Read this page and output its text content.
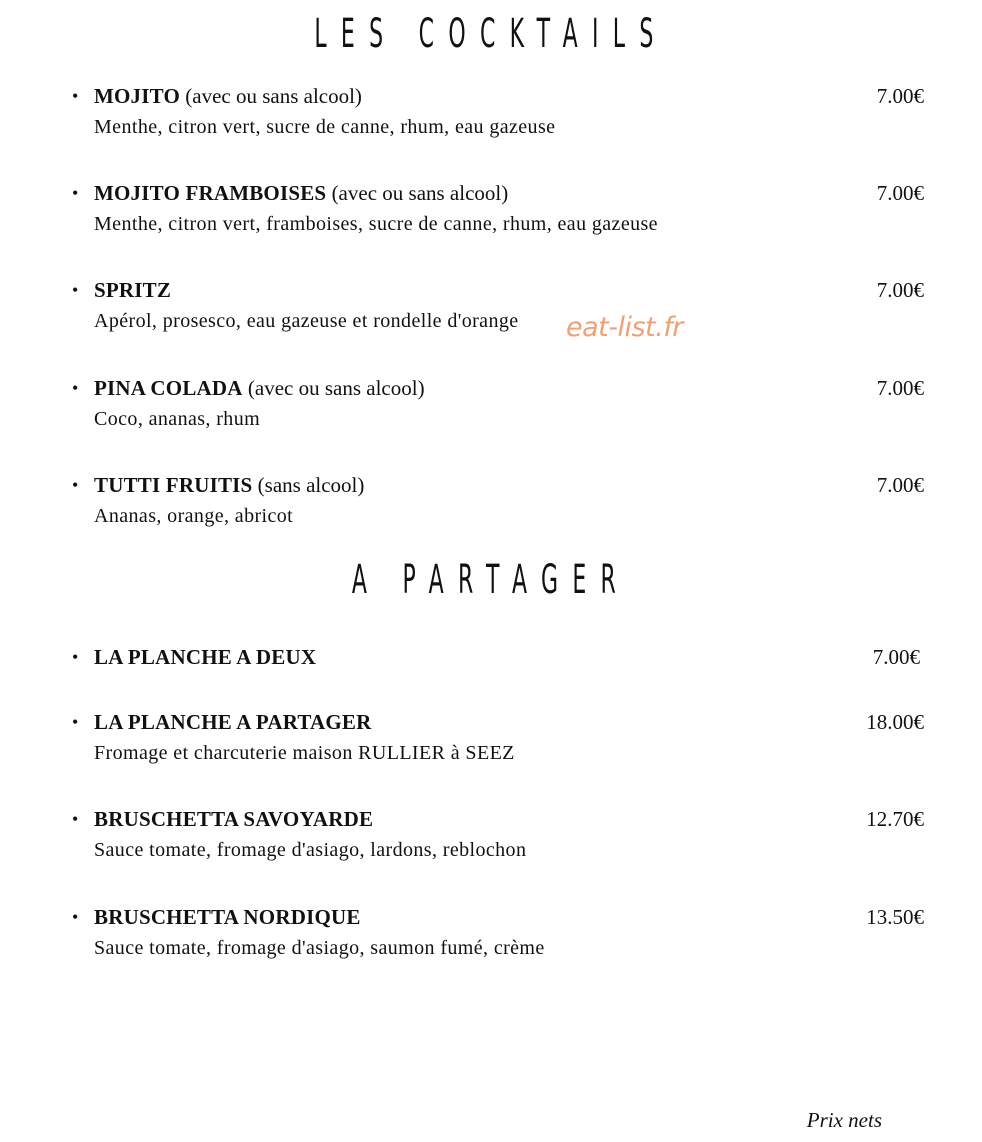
LES COCKTAILS
• MOJITO (avec ou sans alcool)	7.00€
Menthe, citron vert, sucre de canne, rhum, eau gazeuse
• MOJITO FRAMBOISES (avec ou sans alcool)	7.00€
Menthe, citron vert, framboises, sucre de canne, rhum, eau gazeuse
• SPRITZ	7.00€
Apérol, prosesco, eau gazeuse et rondelle d'orange
• PINA COLADA (avec ou sans alcool)	7.00€
Coco, ananas, rhum
• TUTTI FRUITIS (sans alcool)	7.00€
Ananas, orange, abricot
A PARTAGER
• LA PLANCHE A DEUX	7.00€
• LA PLANCHE A PARTAGER	18.00€
Fromage et charcuterie maison RULLIER à SEEZ
• BRUSCHETTA SAVOYARDE	12.70€
Sauce tomate, fromage d'asiago, lardons, reblochon
• BRUSCHETTA NORDIQUE	13.50€
Sauce tomate, fromage d'asiago, saumon fumé, crème
eat-list.fr
Prix nets
